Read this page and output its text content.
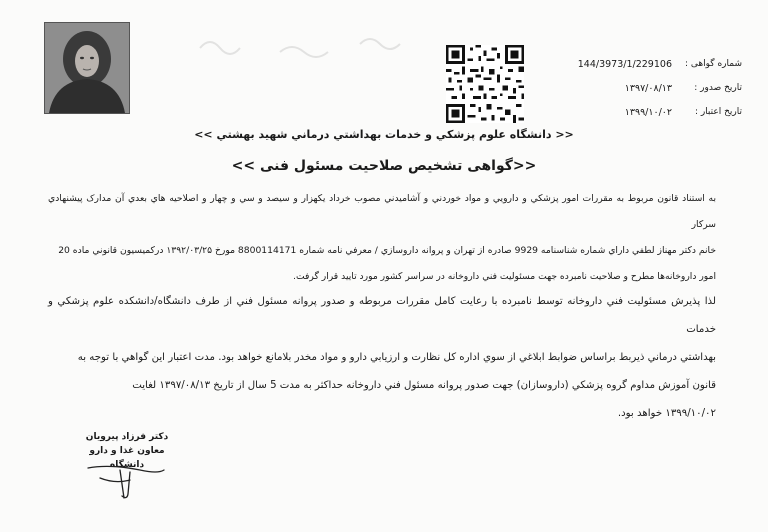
شماره گواهی :
144/3973/1/229106
تاریخ صدور :
۱۳۹۷/۰۸/۱۳
تاریخ اعتبار :
۱۳۹۹/۱۰/۰۲
<< دانشگاه علوم پزشکي و خدمات بهداشتي درماني شهيد بهشتي >>
<<گواهی تشخیص صلاحیت مسئول فنی >>
به استناد قانون مربوط به مقررات امور پزشکي و دارويي و مواد خوردني و آشاميدني مصوب خرداد يکهزار و سيصد و سي و چهار و اصلاحيه هاي بعدي آن مدارک پيشنهادي سرکار
خانم دکتر مهناز لطفي داراي شماره شناسنامه 9929 صادره از تهران و پروانه داروسازي / معرفي نامه شماره 8800114171 مورخ ۱۳۹۲/۰۳/۲۵ درکميسيون قانوني ماده 20
امور داروخانه‌ها مطرح و صلاحيت نامبرده جهت مسئوليت فني داروخانه در سراسر کشور مورد تاييد قرار گرفت.
لذا پذيرش مسئوليت فني داروخانه توسط نامبرده با رعايت کامل مقررات مربوطه و صدور پروانه مسئول فني از طرف دانشگاه/دانشکده علوم پزشکي و خدمات
بهداشتي درماني ذيربط براساس ضوابط ابلاغي از سوي اداره کل نظارت و ارزيابي دارو و مواد مخدر بلامانع خواهد بود. مدت اعتبار اين گواهي با توجه به
قانون آموزش مداوم گروه پزشکي (داروسازان) جهت صدور پروانه مسئول فني داروخانه حداکثر به مدت 5 سال از تاريخ ۱۳۹۷/۰۸/۱۳ لغايت
۱۳۹۹/۱۰/۰۲ خواهد بود.
دکتر فرزاد پیرویان
معاون غذا و دارو دانشگاه
